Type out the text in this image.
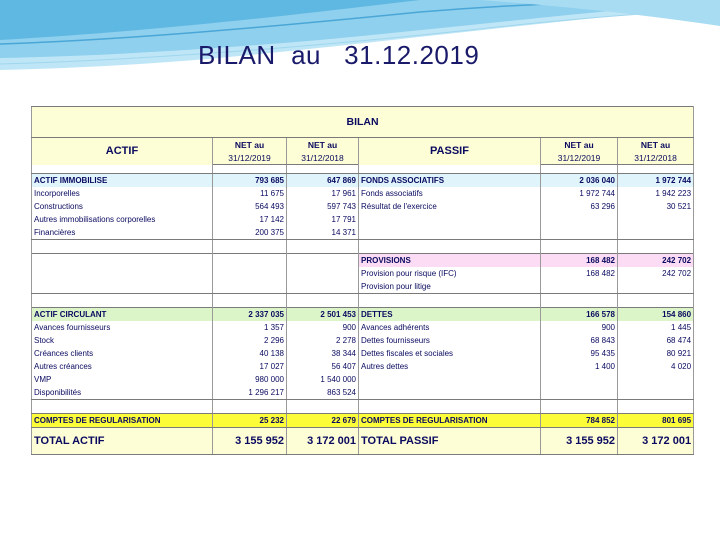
BILAN  au   31.12.2019
BILAN					
ACTIF	NET au	NET au	PASSIF	NET au	NET au
	31/12/2019	31/12/2018		31/12/2019	31/12/2018

ACTIF IMMOBILISE	793 685	647 869	FONDS ASSOCIATIFS	2 036 040	1 972 744
Incorporelles	11 675	17 961	Fonds associatifs	1 972 744	1 942 223
Constructions	564 493	597 743	Résultat de l'exercice	63 296	30 521
Autres immobilisations corporelles	17 142	17 791			
Financières	200 375	14 371			

			PROVISIONS	168 482	242 702
			Provision pour risque (IFC)	168 482	242 702
			Provision pour litige		

ACTIF CIRCULANT	2 337 035	2 501 453	DETTES	166 578	154 860
Avances fournisseurs	1 357	900	Avances adhérents	900	1 445
Stock	2 296	2 278	Dettes fournisseurs	68 843	68 474
Créances clients	40 138	38 344	Dettes fiscales et sociales	95 435	80 921
Autres créances	17 027	56 407	Autres dettes	1 400	4 020
VMP	980 000	1 540 000			
Disponibilités	1 296 217	863 524			

COMPTES DE REGULARISATION	25 232	22 679	COMPTES DE REGULARISATION	784 852	801 695
TOTAL ACTIF	3 155 952	3 172 001	TOTAL PASSIF	3 155 952	3 172 001
